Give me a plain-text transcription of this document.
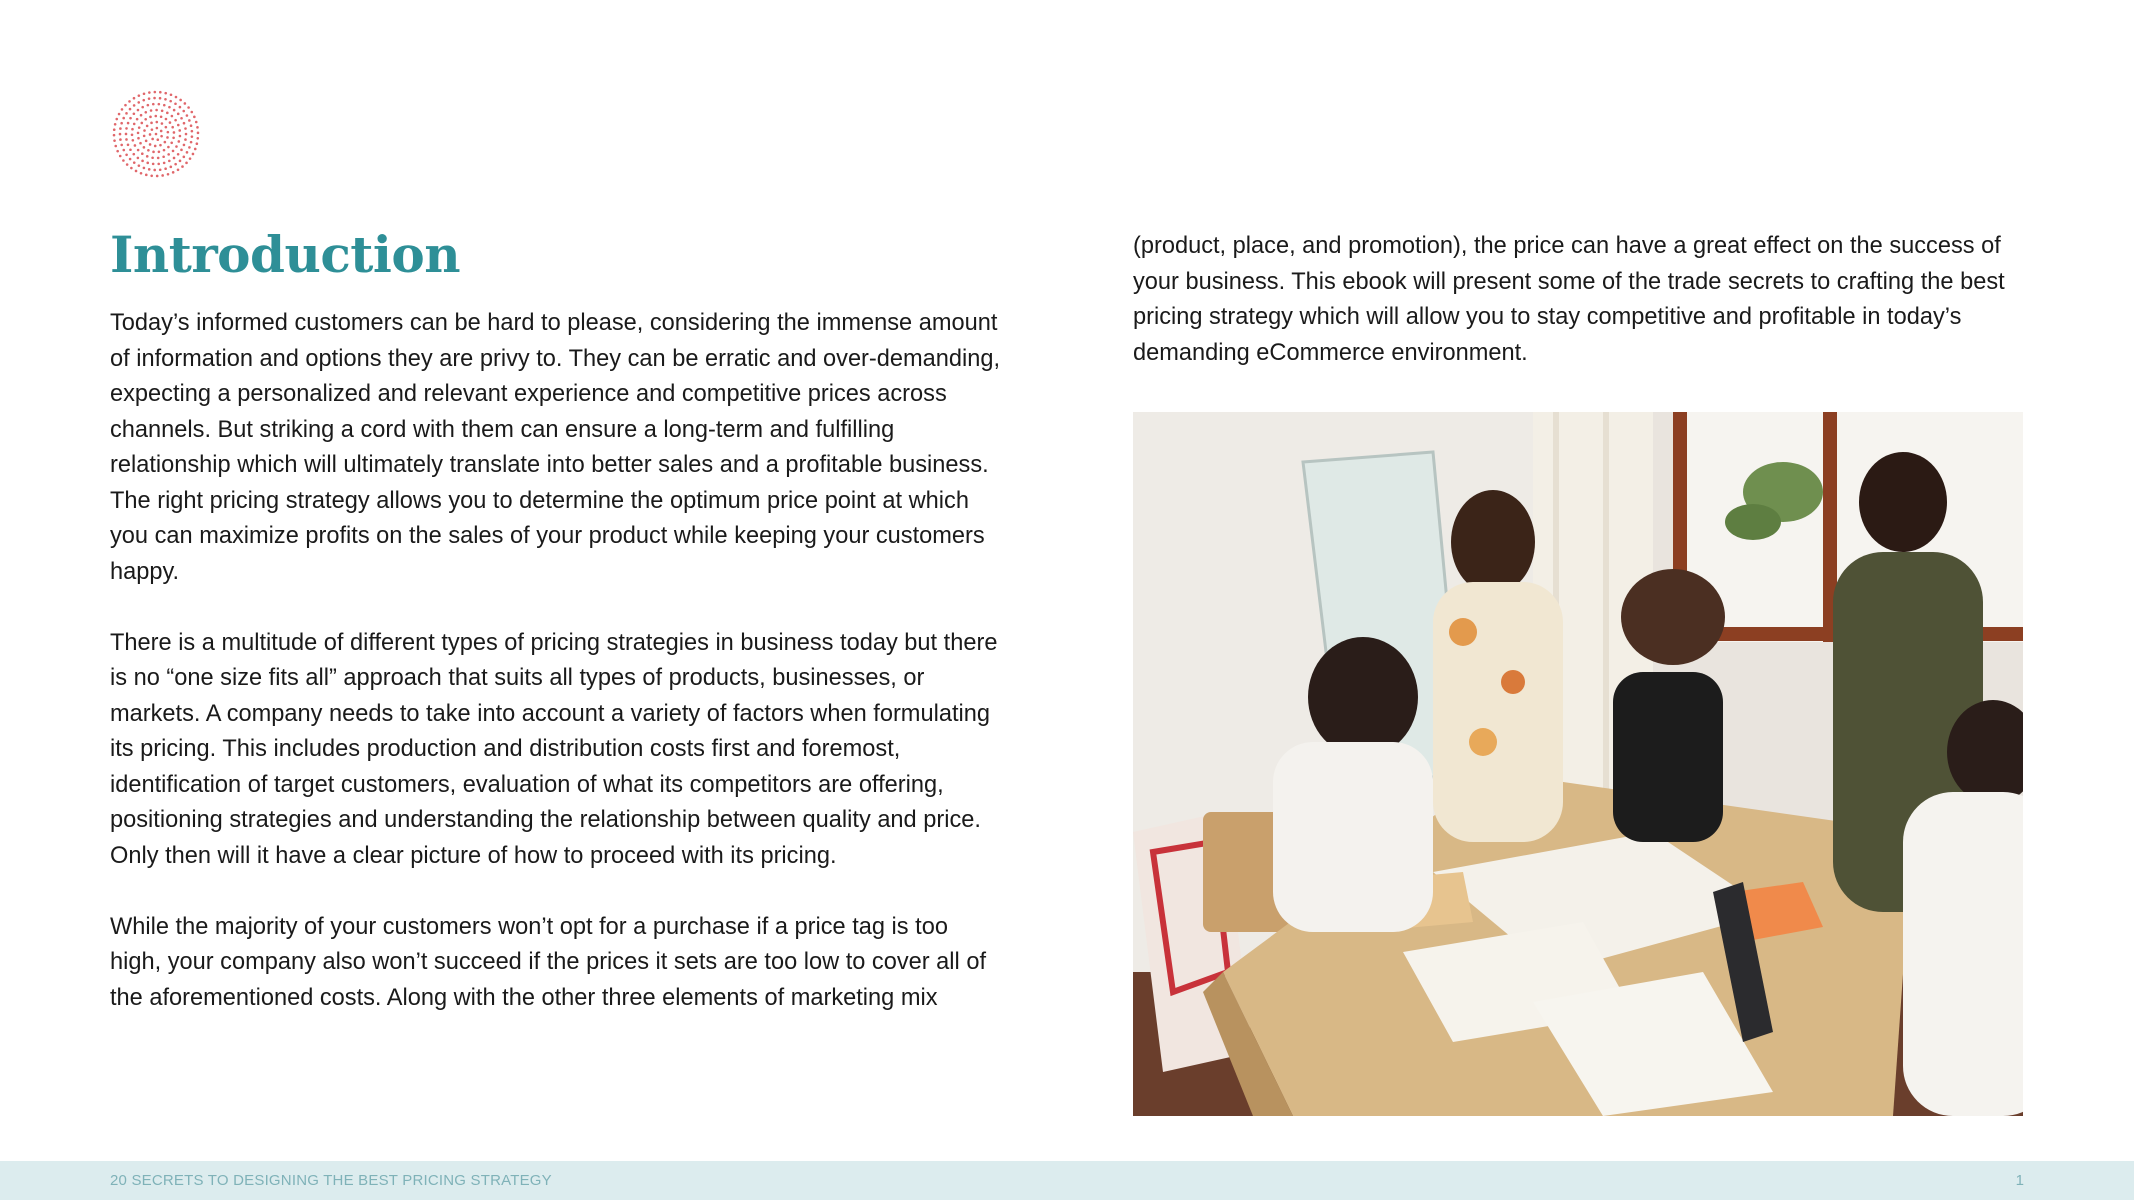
Introduction

Today’s informed customers can be hard to please, considering the immense amount of information and options they are privy to. They can be erratic and over-demanding, expecting a personalized and relevant experience and competitive prices across channels. But striking a cord with them can ensure a long-term and fulfilling relationship which will ultimately translate into better sales and a profitable business. The right pricing strategy allows you to determine the optimum price point at which you can maximize profits on the sales of your product while keeping your customers happy.

There is a multitude of different types of pricing strategies in business today but there is no “one size fits all” approach that suits all types of products, businesses, or markets. A company needs to take into account a variety of factors when formulating its pricing. This includes production and distribution costs first and foremost, identification of target customers, evaluation of what its competitors are offering, positioning strategies and understanding the relationship between quality and price. Only then will it have a clear picture of how to proceed with its pricing.

While the majority of your customers won’t opt for a purchase if a price tag is too high, your company also won’t succeed if the prices it sets are too low to cover all of the aforementioned costs. Along with the other three elements of marketing mix

(product, place, and promotion), the price can have a great effect on the success of your business. This ebook will present some of the trade secrets to crafting the best pricing strategy which will allow you to stay competitive and profitable in today’s demanding eCommerce environment.

20 SECRETS TO DESIGNING THE BEST PRICING STRATEGY	1
